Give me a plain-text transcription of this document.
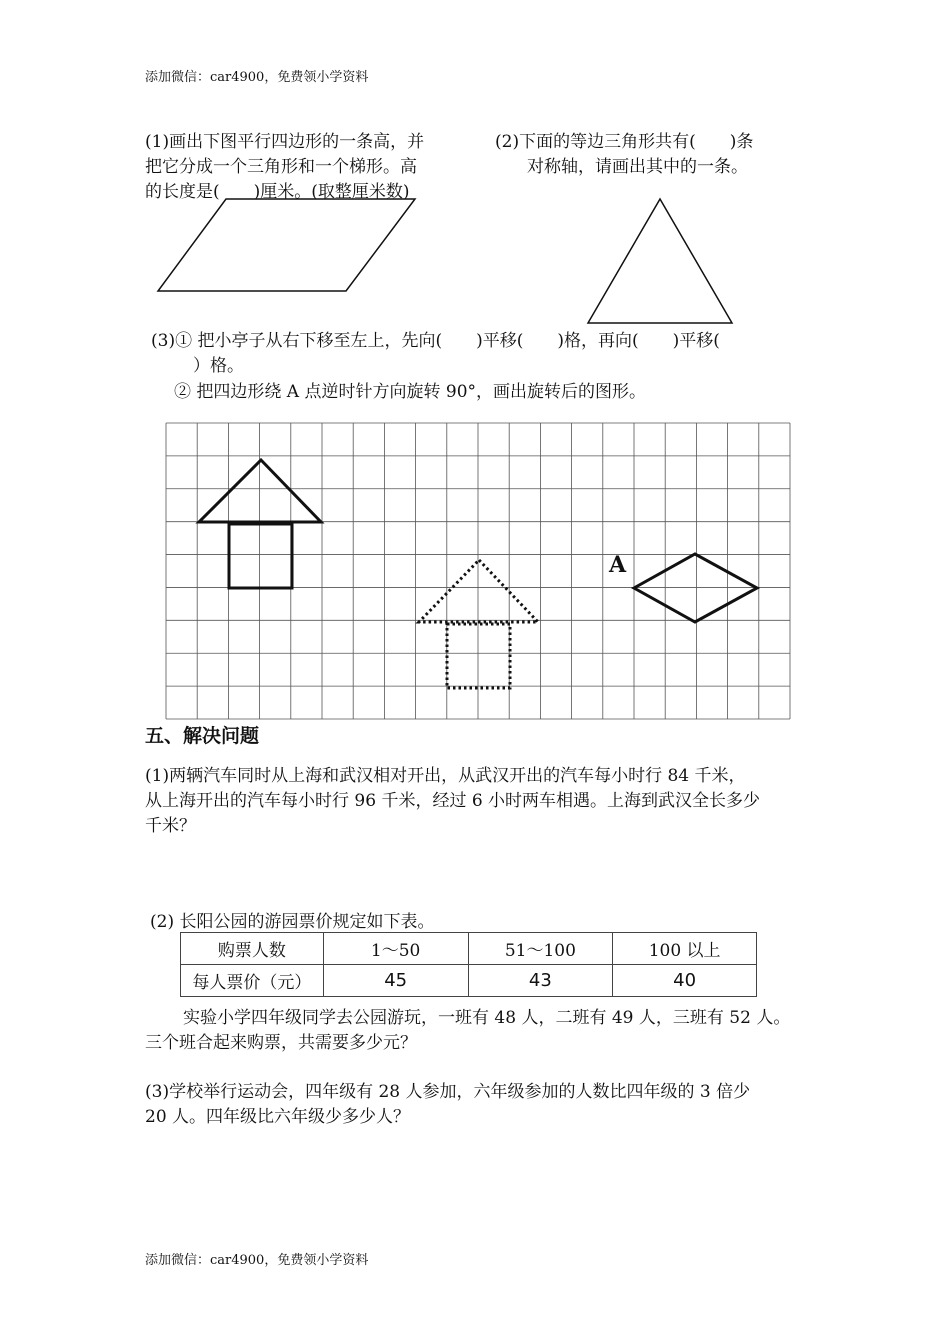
添加微信：car4900，免费领小学资料
(1)画出下图平行四边形的一条高，并
把它分成一个三角形和一个梯形。高
的长度是(　　)厘米。(取整厘米数)
(2)下面的等边三角形共有(　　)条
对称轴，请画出其中的一条。
(3)① 把小亭子从右下移至左上，先向(　　)平移(　　)格，再向(　　)平移(
）格。
② 把四边形绕 A 点逆时针方向旋转 90°，画出旋转后的图形。
A
五、解决问题
(1)两辆汽车同时从上海和武汉相对开出，从武汉开出的汽车每小时行 84 千米，
从上海开出的汽车每小时行 96 千米，经过 6 小时两车相遇。上海到武汉全长多少
千米？
(2) 长阳公园的游园票价规定如下表。
购票人数	1～50	51～100	100 以上
每人票价（元）	45	43	40
实验小学四年级同学去公园游玩，一班有 48 人，二班有 49 人，三班有 52 人。
三个班合起来购票，共需要多少元？
(3)学校举行运动会，四年级有 28 人参加，六年级参加的人数比四年级的 3 倍少
20 人。四年级比六年级少多少人？
添加微信：car4900，免费领小学资料
